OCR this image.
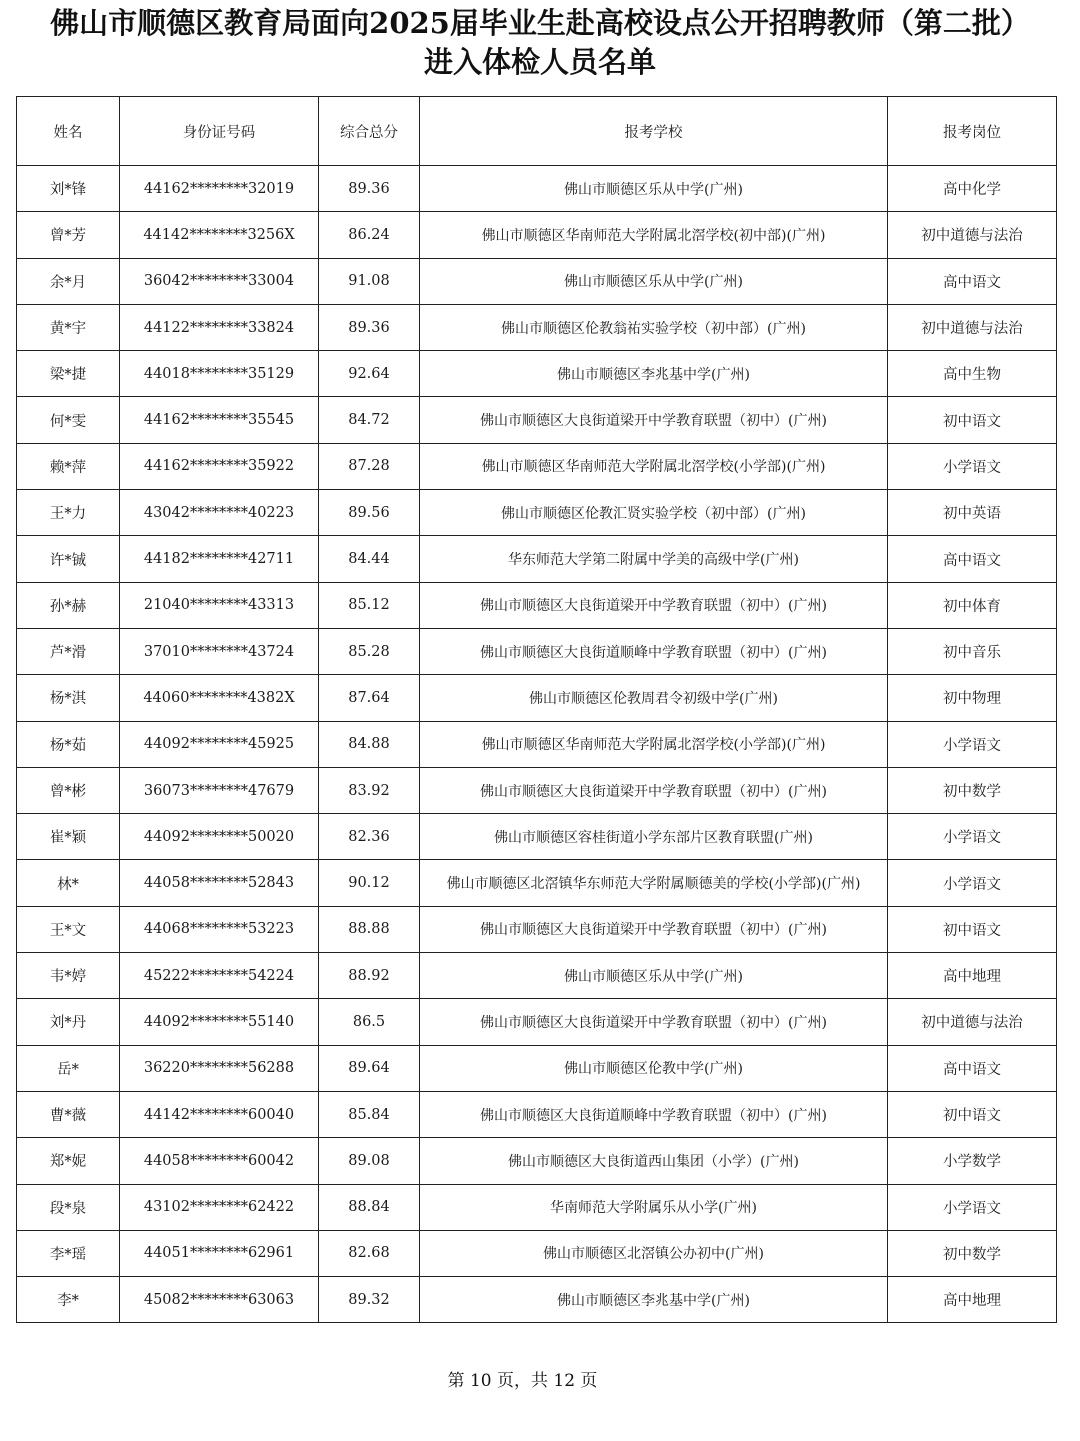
佛山市顺德区教育局面向2025届毕业生赴高校设点公开招聘教师（第二批）
进入体检人员名单
姓名	身份证号码	综合总分	报考学校	报考岗位
刘*锋	44162********32019	89.36	佛山市顺德区乐从中学(广州)	高中化学
曾*芳	44142********3256X	86.24	佛山市顺德区华南师范大学附属北滘学校(初中部)(广州)	初中道德与法治
余*月	36042********33004	91.08	佛山市顺德区乐从中学(广州)	高中语文
黄*宇	44122********33824	89.36	佛山市顺德区伦教翁祐实验学校（初中部）(广州)	初中道德与法治
梁*捷	44018********35129	92.64	佛山市顺德区李兆基中学(广州)	高中生物
何*雯	44162********35545	84.72	佛山市顺德区大良街道梁开中学教育联盟（初中）(广州)	初中语文
赖*萍	44162********35922	87.28	佛山市顺德区华南师范大学附属北滘学校(小学部)(广州)	小学语文
王*力	43042********40223	89.56	佛山市顺德区伦教汇贤实验学校（初中部）(广州)	初中英语
许*铖	44182********42711	84.44	华东师范大学第二附属中学美的高级中学(广州)	高中语文
孙*赫	21040********43313	85.12	佛山市顺德区大良街道梁开中学教育联盟（初中）(广州)	初中体育
芦*滑	37010********43724	85.28	佛山市顺德区大良街道顺峰中学教育联盟（初中）(广州)	初中音乐
杨*淇	44060********4382X	87.64	佛山市顺德区伦教周君令初级中学(广州)	初中物理
杨*茹	44092********45925	84.88	佛山市顺德区华南师范大学附属北滘学校(小学部)(广州)	小学语文
曾*彬	36073********47679	83.92	佛山市顺德区大良街道梁开中学教育联盟（初中）(广州)	初中数学
崔*颖	44092********50020	82.36	佛山市顺德区容桂街道小学东部片区教育联盟(广州)	小学语文
林*	44058********52843	90.12	佛山市顺德区北滘镇华东师范大学附属顺德美的学校(小学部)(广州)	小学语文
王*文	44068********53223	88.88	佛山市顺德区大良街道梁开中学教育联盟（初中）(广州)	初中语文
韦*婷	45222********54224	88.92	佛山市顺德区乐从中学(广州)	高中地理
刘*丹	44092********55140	86.5	佛山市顺德区大良街道梁开中学教育联盟（初中）(广州)	初中道德与法治
岳*	36220********56288	89.64	佛山市顺德区伦教中学(广州)	高中语文
曹*薇	44142********60040	85.84	佛山市顺德区大良街道顺峰中学教育联盟（初中）(广州)	初中语文
郑*妮	44058********60042	89.08	佛山市顺德区大良街道西山集团（小学）(广州)	小学数学
段*泉	43102********62422	88.84	华南师范大学附属乐从小学(广州)	小学语文
李*瑶	44051********62961	82.68	佛山市顺德区北滘镇公办初中(广州)	初中数学
李*	45082********63063	89.32	佛山市顺德区李兆基中学(广州)	高中地理
第 10 页，共 12 页
